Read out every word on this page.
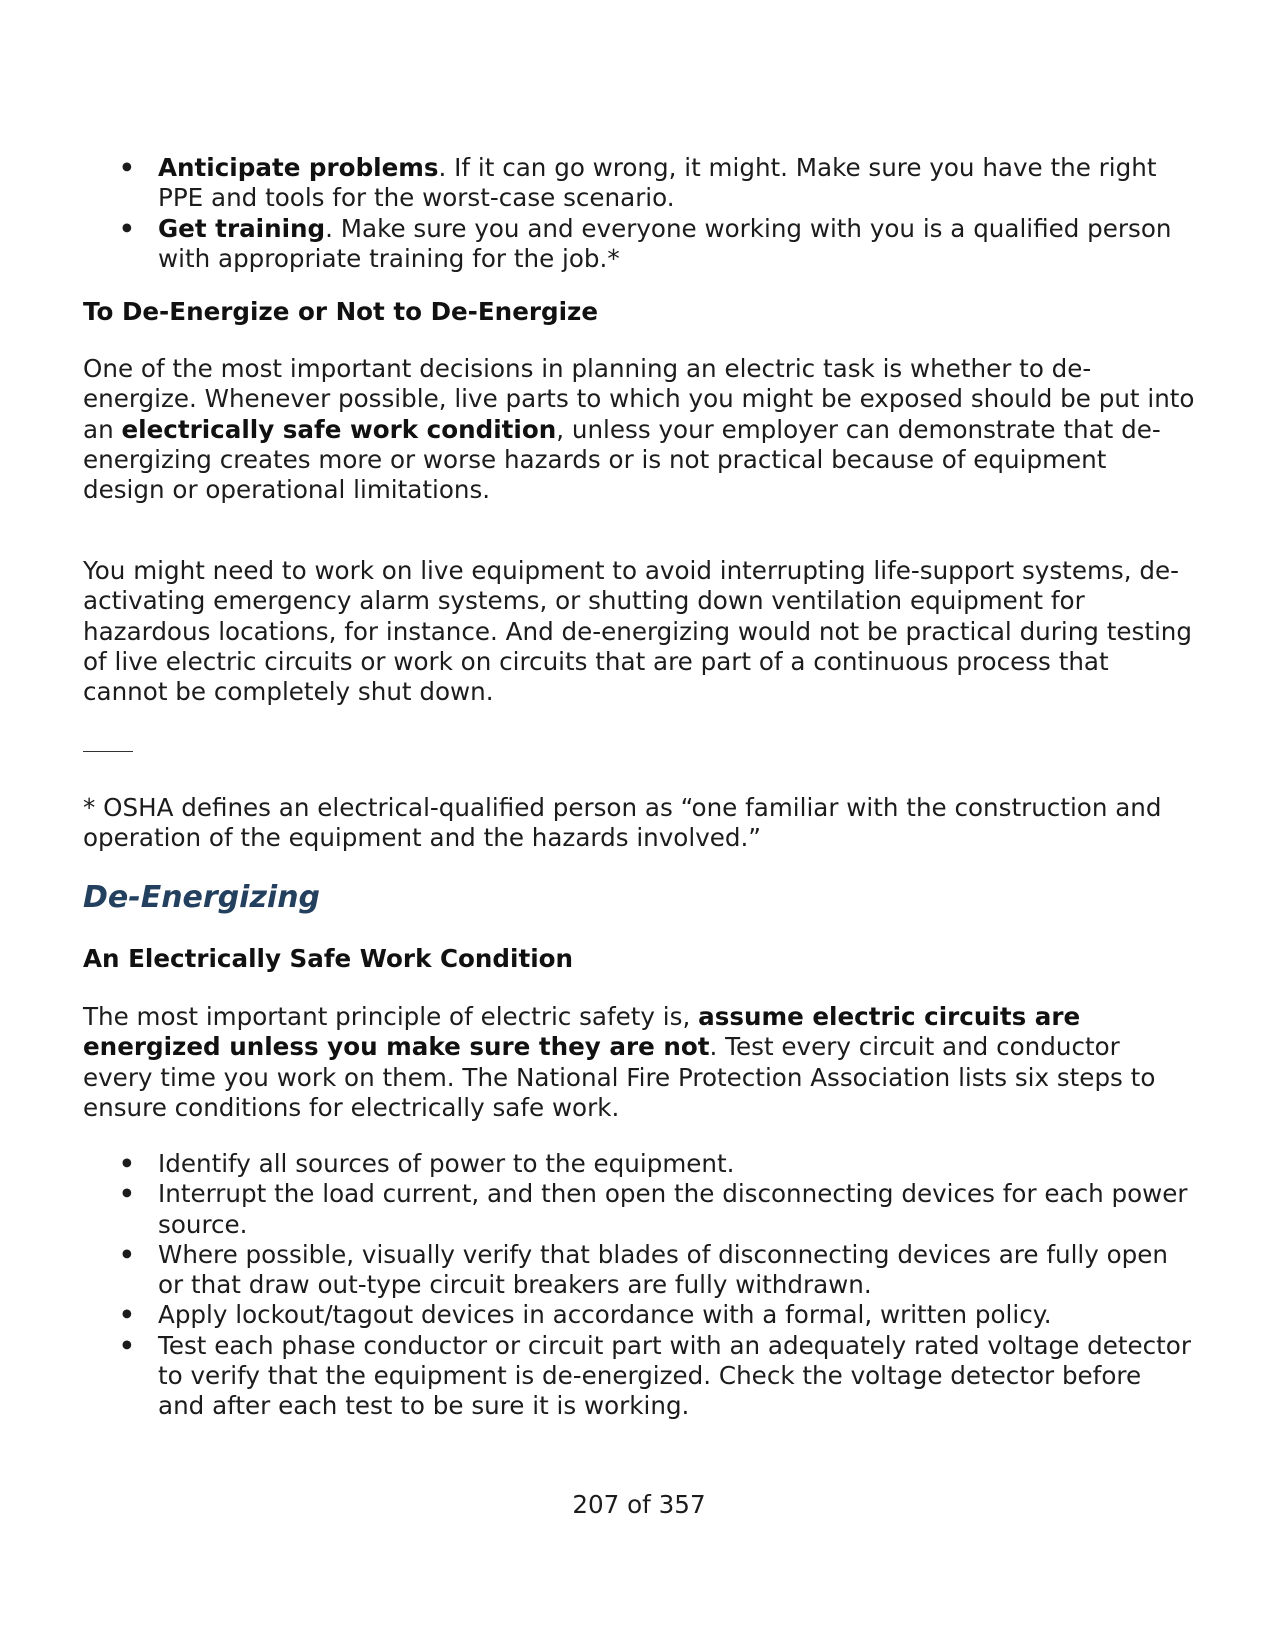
• Anticipate problems. If it can go wrong, it might. Make sure you have the right PPE and tools for the worst-case scenario.
• Get training. Make sure you and everyone working with you is a qualified person with appropriate training for the job.*
To De-Energize or Not to De-Energize

One of the most important decisions in planning an electric task is whether to de-energize. Whenever possible, live parts to which you might be exposed should be put into an electrically safe work condition, unless your employer can demonstrate that de-energizing creates more or worse hazards or is not practical because of equipment design or operational limitations.

You might need to work on live equipment to avoid interrupting life-support systems, de-activating emergency alarm systems, or shutting down ventilation equipment for hazardous locations, for instance. And de-energizing would not be practical during testing of live electric circuits or work on circuits that are part of a continuous process that cannot be completely shut down.

* OSHA defines an electrical-qualified person as “one familiar with the construction and operation of the equipment and the hazards involved.”

De-Energizing
An Electrically Safe Work Condition

The most important principle of electric safety is, assume electric circuits are energized unless you make sure they are not. Test every circuit and conductor every time you work on them. The National Fire Protection Association lists six steps to ensure conditions for electrically safe work.

• Identify all sources of power to the equipment.
• Interrupt the load current, and then open the disconnecting devices for each power source.
• Where possible, visually verify that blades of disconnecting devices are fully open or that draw out-type circuit breakers are fully withdrawn.
• Apply lockout/tagout devices in accordance with a formal, written policy.
• Test each phase conductor or circuit part with an adequately rated voltage detector to verify that the equipment is de-energized. Check the voltage detector before and after each test to be sure it is working.
207 of 357
